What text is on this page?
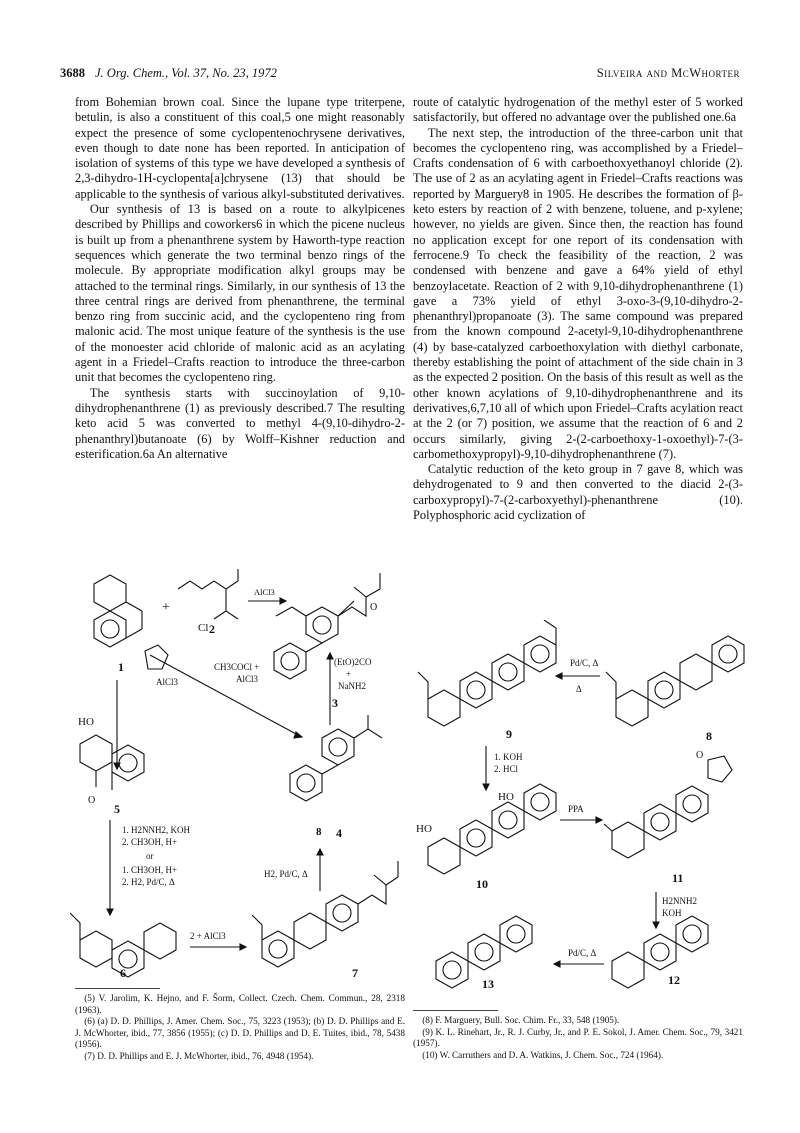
3688 J. Org. Chem., Vol. 37, No. 23, 1972	Silveira and McWhorter

from Bohemian brown coal. Since the lupane type triterpene, betulin, is also a constituent of this coal,5 one might reasonably expect the presence of some cyclopentenochrysene derivatives, even though to date none has been reported. In anticipation of isolation of systems of this type we have developed a synthesis of 2,3-dihydro-1H-cyclopenta[a]chrysene (13) that should be applicable to the synthesis of various alkyl-substituted derivatives.

Our synthesis of 13 is based on a route to alkylpicenes described by Phillips and coworkers6 in which the picene nucleus is built up from a phenanthrene system by Haworth-type reaction sequences which generate the two terminal benzo rings of the molecule. By appropriate modification alkyl groups may be attached to the terminal rings. Similarly, in our synthesis of 13 the three central rings are derived from phenanthrene, the terminal benzo ring from succinic acid, and the cyclopenteno ring from malonic acid. The most unique feature of the synthesis is the use of the monoester acid chloride of malonic acid as an acylating agent in a Friedel–Crafts reaction to introduce the three-carbon unit that becomes the cyclopenteno ring.

The synthesis starts with succinoylation of 9,10-dihydrophenanthrene (1) as previously described.7 The resulting keto acid 5 was converted to methyl 4-(9,10-dihydro-2-phenanthryl)butanoate (6) by Wolff–Kishner reduction and esterification.6a An alternative

route of catalytic hydrogenation of the methyl ester of 5 worked satisfactorily, but offered no advantage over the published one.6a

The next step, the introduction of the three-carbon unit that becomes the cyclopenteno ring, was accomplished by a Friedel–Crafts condensation of 6 with carboethoxyethanoyl chloride (2). The use of 2 as an acylating agent in Friedel–Crafts reactions was reported by Marguery8 in 1905. He describes the formation of β-keto esters by reaction of 2 with benzene, toluene, and p-xylene; however, no yields are given. Since then, the reaction has found no application except for one report of its condensation with ferrocene.9 To check the feasibility of the reaction, 2 was condensed with benzene and gave a 64% yield of ethyl benzoylacetate. Reaction of 2 with 9,10-dihydrophenanthrene (1) gave a 73% yield of ethyl 3-oxo-3-(9,10-dihydro-2-phenanthryl)propanoate (3). The same compound was prepared from the known compound 2-acetyl-9,10-dihydrophenanthrene (4) by base-catalyzed carboethoxylation with diethyl carbonate, thereby establishing the point of attachment of the side chain in 3 as the expected 2 position. On the basis of this result as well as the other known acylations of 9,10-dihydrophenanthrene and its derivatives,6,7,10 all of which upon Friedel–Crafts acylation react at the 2 (or 7) position, we assume that the reaction of 6 and 2 occurs similarly, giving 2-(2-carboethoxy-1-oxoethyl)-7-(3-carbomethoxypropyl)-9,10-dihydrophenanthrene (7).

Catalytic reduction of the keto group in 7 gave 8, which was dehydrogenated to 9 and then converted to the diacid 2-(3-carboxypropyl)-7-(2-carboxyethyl)-phenanthrene (10). Polyphosphoric acid cyclization of

1
+
Cl 2
AlCl3
O
3
AlCl3
CH3COCl +
AlCl3
(EtO)2CO
+
NaNH2
4
HO
O
5
1. H2NNH2, KOH
2. CH3OH, H+
or
1. CH3OH, H+
2. H2, Pd/C, Δ
8
H2, Pd/C, Δ
6
2 + AlCl3
7
9
Pd/C, Δ
Δ
8
1. KOH
2. HCl
HO
HO
10
PPA
O
11
H2NNH2
KOH
12
Pd/C, Δ
13

(5) V. Jarolim, K. Hejno, and F. Šorm, Collect. Czech. Chem. Commun., 28, 2318 (1963).

(6) (a) D. D. Phillips, J. Amer. Chem. Soc., 75, 3223 (1953); (b) D. D. Phillips and E. J. McWhorter, ibid., 77, 3856 (1955); (c) D. D. Phillips and D. E. Tuites, ibid., 78, 5438 (1956).

(7) D. D. Phillips and E. J. McWhorter, ibid., 76, 4948 (1954).

(8) F. Marguery, Bull. Soc. Chim. Fr., 33, 548 (1905).

(9) K. L. Rinehart, Jr., R. J. Curby, Jr., and P. E. Sokol, J. Amer. Chem. Soc., 79, 3421 (1957).

(10) W. Carruthers and D. A. Watkins, J. Chem. Soc., 724 (1964).
